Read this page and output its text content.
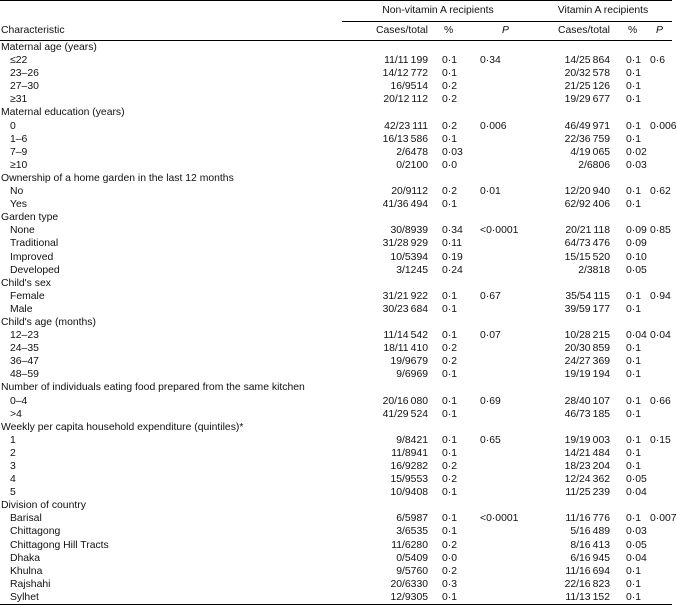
	Non-vitamin A recipients			Vitamin A recipients		
Characteristic	Cases/total	%	P	Cases/total	%	P
Maternal age (years)						
≤22	11/11 199	0·1	0·34	14/25 864	0·1	0·6
23–26	14/12 772	0·1		20/32 578	0·1	
27–30	16/9514	0·2		21/25 126	0·1	
≥31	20/12 112	0·2		19/29 677	0·1	
Maternal education (years)						
0	42/23 111	0·2	0·006	46/49 971	0·1	0·006
1–6	16/13 586	0·1		22/36 759	0·1	
7–9	2/6478	0·03		4/19 065	0·02	
≥10	0/2100	0·0		2/6806	0·03	
Ownership of a home garden in the last 12 months						
No	20/9112	0·2	0·01	12/20 940	0·1	0·62
Yes	41/36 494	0·1		62/92 406	0·1	
Garden type						
None	30/8939	0·34	<0·0001	20/21 118	0·09	0·85
Traditional	31/28 929	0·11		64/73 476	0·09	
Improved	10/5394	0·19		15/15 520	0·10	
Developed	3/1245	0·24		2/3818	0·05	
Child's sex						
Female	31/21 922	0·1	0·67	35/54 115	0·1	0·94
Male	30/23 684	0·1		39/59 177	0·1	
Child's age (months)						
12–23	11/14 542	0·1	0·07	10/28 215	0·04	0·04
24–35	18/11 410	0·2		20/30 859	0·1	
36–47	19/9679	0·2		24/27 369	0·1	
48–59	9/6969	0·1		19/19 194	0·1	
Number of individuals eating food prepared from the same kitchen						
0–4	20/16 080	0·1	0·69	28/40 107	0·1	0·66
>4	41/29 524	0·1		46/73 185	0·1	
Weekly per capita household expenditure (quintiles)*						
1	9/8421	0·1	0·65	19/19 003	0·1	0·15
2	11/8941	0·1		14/21 484	0·1	
3	16/9282	0·2		18/23 204	0·1	
4	15/9553	0·2		12/24 362	0·05	
5	10/9408	0·1		11/25 239	0·04	
Division of country						
Barisal	6/5987	0·1	<0·0001	11/16 776	0·1	0·007
Chittagong	3/6535	0·1		5/16 489	0·03	
Chittagong Hill Tracts	11/6280	0·2		8/16 413	0·05	
Dhaka	0/5409	0·0		6/16 945	0·04	
Khulna	9/5760	0·2		11/16 694	0·1	
Rajshahi	20/6330	0·3		22/16 823	0·1	
Sylhet	12/9305	0·1		11/13 152	0·1	
